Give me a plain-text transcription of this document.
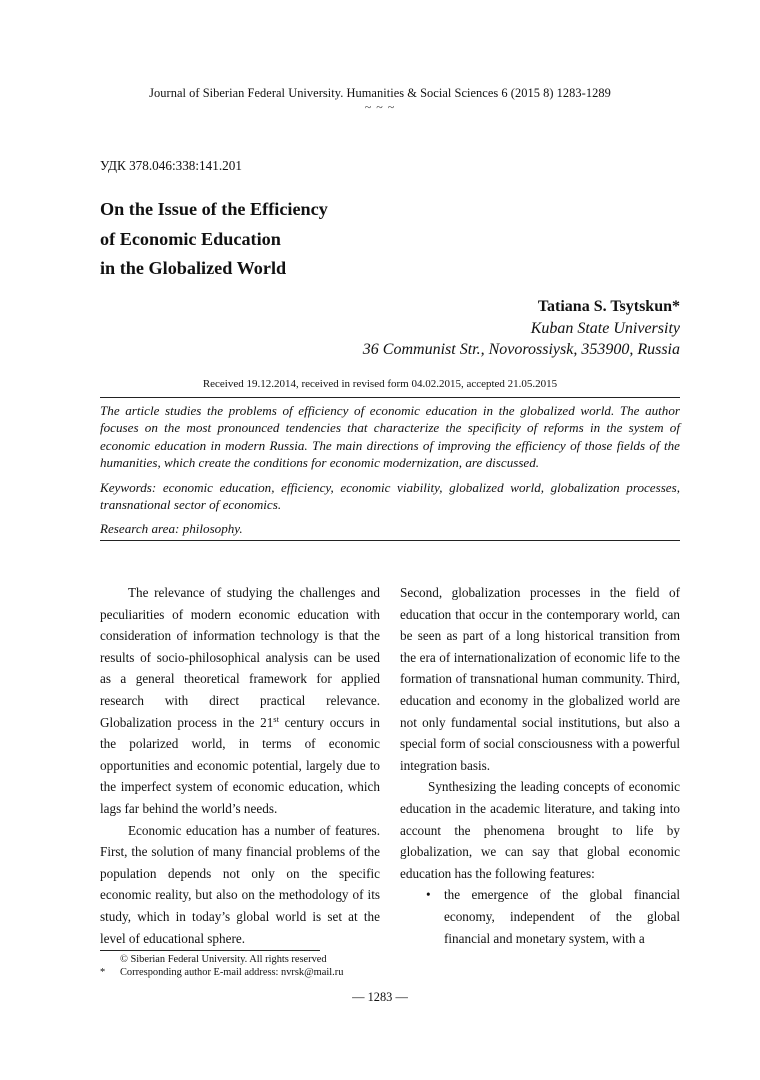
Journal of Siberian Federal University. Humanities & Social Sciences 6 (2015 8) 1283-1289
~ ~ ~
УДК 378.046:338:141.201
On the Issue of the Efficiency
of Economic Education
in the Globalized World
Tatiana S. Tsytskun*
Kuban State University
36 Communist Str., Novorossiysk, 353900, Russia
Received 19.12.2014, received in revised form 04.02.2015, accepted 21.05.2015

The article studies the problems of efficiency of economic education in the globalized world. The author focuses on the most pronounced tendencies that characterize the specificity of reforms in the system of economic education in modern Russia. The main directions of improving the efficiency of those fields of the humanities, which create the conditions for economic modernization, are discussed.

Keywords: economic education, efficiency, economic viability, globalized world, globalization processes, transnational sector of economics.

Research area: philosophy.

The relevance of studying the challenges and peculiarities of modern economic education with consideration of information technology is that the results of socio-philosophical analysis can be used as a general theoretical framework for applied research with direct practical relevance. Globalization process in the 21st century occurs in the polarized world, in terms of economic opportunities and economic potential, largely due to the imperfect system of economic education, which lags far behind the world’s needs.

Economic education has a number of features. First, the solution of many financial problems of the population depends not only on the specific economic reality, but also on the methodology of its study, which in today’s global world is set at the level of educational sphere.

Second, globalization processes in the field of education that occur in the contemporary world, can be seen as part of a long historical transition from the era of internationalization of economic life to the formation of transnational human community. Third, education and economy in the globalized world are not only fundamental social institutions, but also a special form of social consciousness with a powerful integration basis.

Synthesizing the leading concepts of economic education in the academic literature, and taking into account the phenomena brought to life by globalization, we can say that global economic education has the following features:

• the emergence of the global financial economy, independent of the global financial and monetary system, with a
© Siberian Federal University. All rights reserved
* Corresponding author E-mail address: nvrsk@mail.ru
— 1283 —
